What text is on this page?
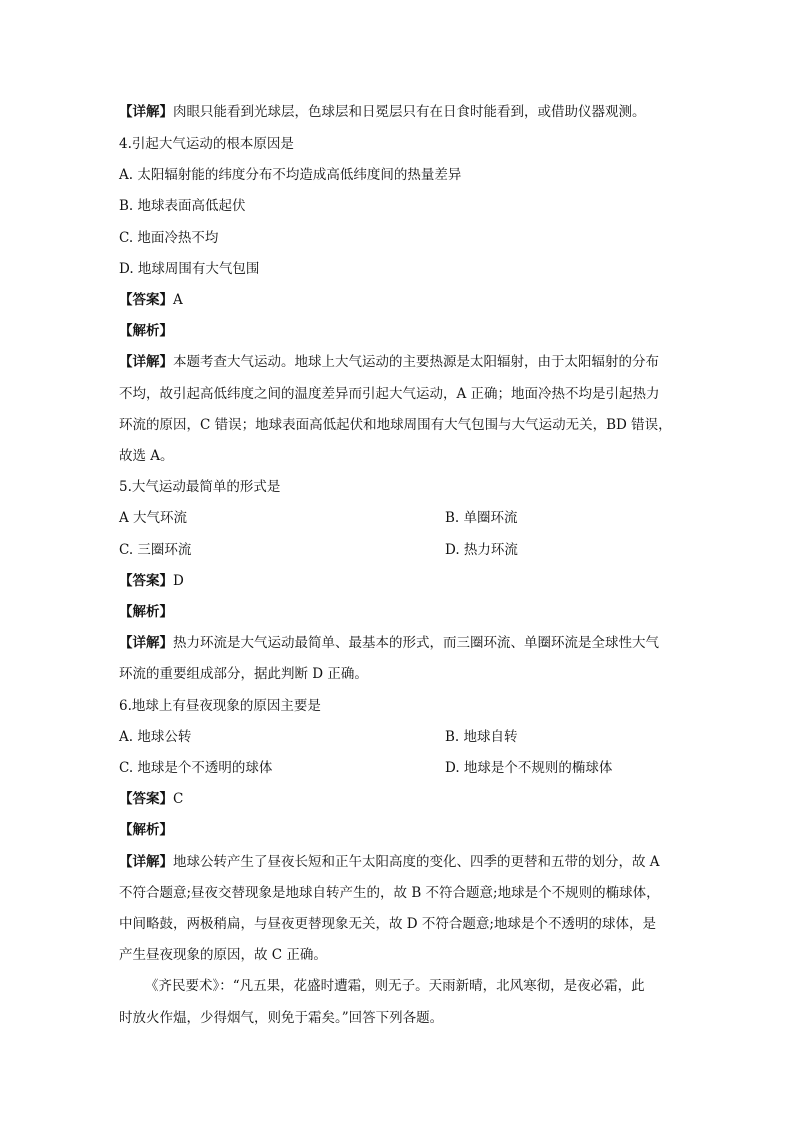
【详解】肉眼只能看到光球层，色球层和日冕层只有在日食时能看到，或借助仪器观测。
4.引起大气运动的根本原因是
A. 太阳辐射能的纬度分布不均造成高低纬度间的热量差异
B. 地球表面高低起伏
C. 地面冷热不均
D. 地球周围有大气包围
【答案】A
【解析】
【详解】本题考查大气运动。地球上大气运动的主要热源是太阳辐射，由于太阳辐射的分布
不均，故引起高低纬度之间的温度差异而引起大气运动，A 正确；地面冷热不均是引起热力
环流的原因，C 错误；地球表面高低起伏和地球周围有大气包围与大气运动无关，BD 错误，
故选 A。
5.大气运动最简单的形式是
A 大气环流	B. 单圈环流
C. 三圈环流	D. 热力环流
【答案】D
【解析】
【详解】热力环流是大气运动最简单、最基本的形式，而三圈环流、单圈环流是全球性大气
环流的重要组成部分，据此判断 D 正确。
6.地球上有昼夜现象的原因主要是
A. 地球公转	B. 地球自转
C. 地球是个不透明的球体	D. 地球是个不规则的椭球体
【答案】C
【解析】
【详解】地球公转产生了昼夜长短和正午太阳高度的变化、四季的更替和五带的划分，故 A
不符合题意;昼夜交替现象是地球自转产生的，故 B 不符合题意;地球是个不规则的椭球体，
中间略鼓，两极稍扁，与昼夜更替现象无关，故 D 不符合题意;地球是个不透明的球体，是
产生昼夜现象的原因，故 C 正确。
《齐民要术》：“凡五果，花盛时遭霜，则无子。天雨新晴，北风寒彻，是夜必霜，此
时放火作煴，少得烟气，则免于霜矣。”回答下列各题。
